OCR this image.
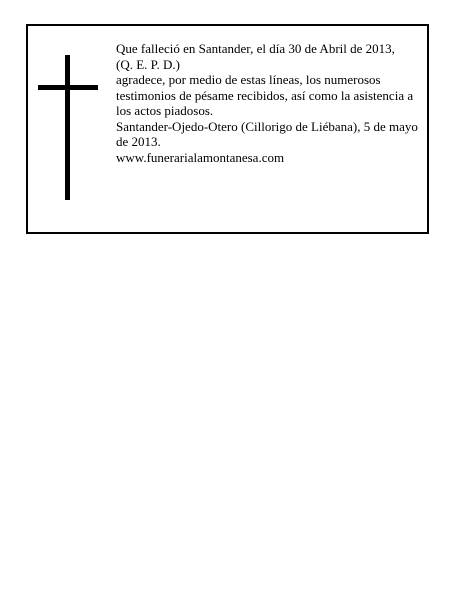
Que falleció en Santander, el día 30 de Abril de 2013,

(Q. E. P. D.)

agradece, por medio de estas líneas, los numerosos testimonios de pésame recibidos, así como la asistencia a los actos piadosos.

Santander-Ojedo-Otero (Cillorigo de Liébana), 5 de mayo de 2013.

www.funerarialamontanesa.com
